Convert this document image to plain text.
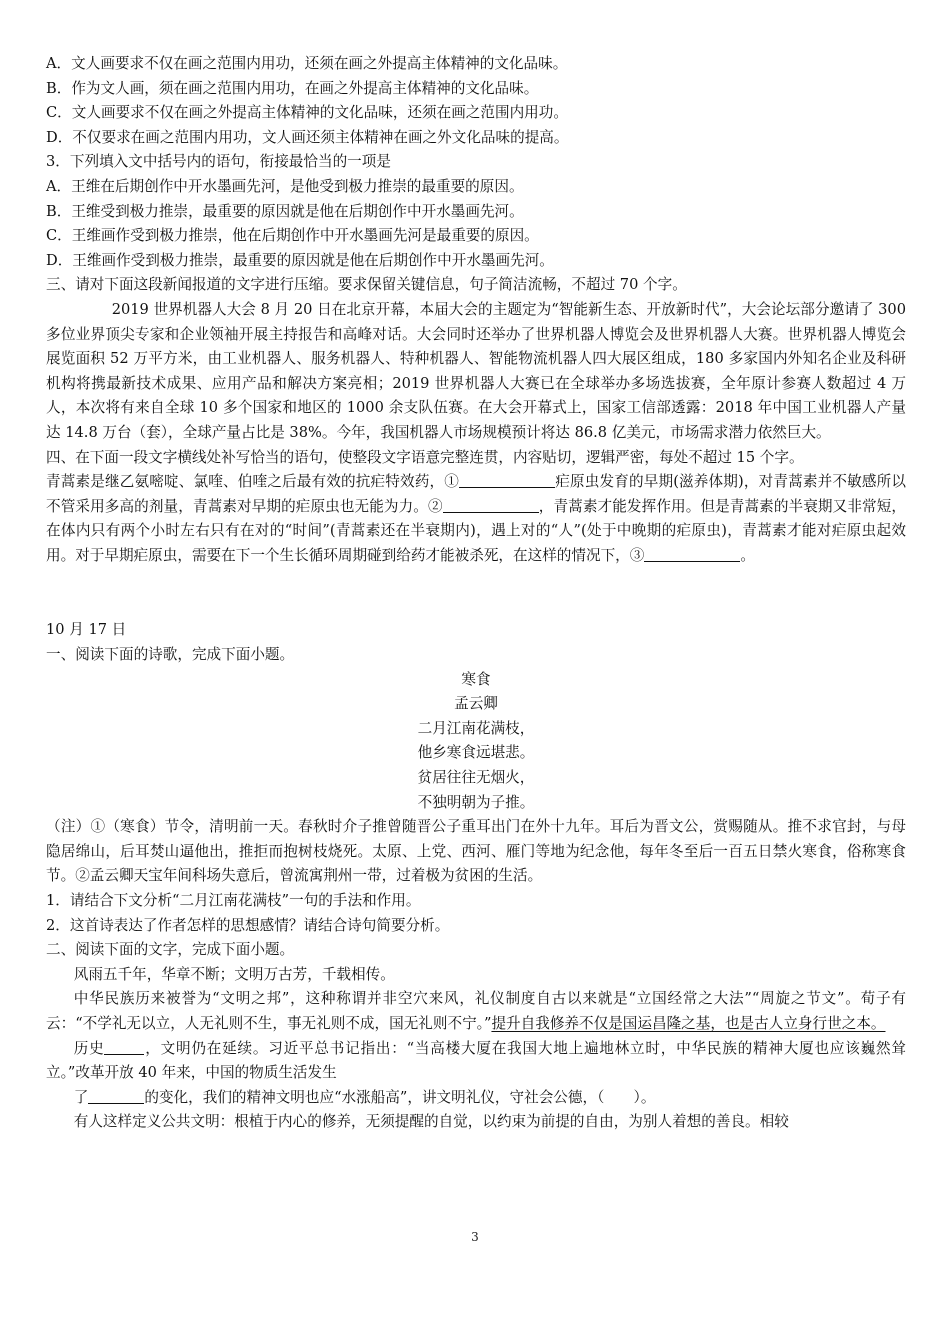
A．文人画要求不仅在画之范围内用功，还须在画之外提高主体精神的文化品味。

B．作为文人画，须在画之范围内用功，在画之外提高主体精神的文化品味。

C．文人画要求不仅在画之外提高主体精神的文化品味，还须在画之范围内用功。

D．不仅要求在画之范围内用功，文人画还须主体精神在画之外文化品味的提高。

3．下列填入文中括号内的语句，衔接最恰当的一项是

A．王维在后期创作中开水墨画先河，是他受到极力推崇的最重要的原因。

B．王维受到极力推崇，最重要的原因就是他在后期创作中开水墨画先河。

C．王维画作受到极力推崇，他在后期创作中开水墨画先河是最重要的原因。

D．王维画作受到极力推崇，最重要的原因就是他在后期创作中开水墨画先河。

三、请对下面这段新闻报道的文字进行压缩。要求保留关键信息，句子简洁流畅，不超过 70 个字。

2019 世界机器人大会 8 月 20 日在北京开幕，本届大会的主题定为“智能新生态、开放新时代”，大会论坛部分邀请了 300 多位业界顶尖专家和企业领袖开展主持报告和高峰对话。大会同时还举办了世界机器人博览会及世界机器人大赛。世界机器人博览会展览面积 52 万平方米，由工业机器人、服务机器人、特种机器人、智能物流机器人四大展区组成，180 多家国内外知名企业及科研机构将携最新技术成果、应用产品和解决方案亮相；2019 世界机器人大赛已在全球举办多场选拔赛，全年原计参赛人数超过 4 万人，本次将有来自全球 10 多个国家和地区的 1000 余支队伍赛。在大会开幕式上，国家工信部透露：2018 年中国工业机器人产量达 14.8 万台（套），全球产量占比是 38%。今年，我国机器人市场规模预计将达 86.8 亿美元，市场需求潜力依然巨大。

四、在下面一段文字横线处补写恰当的语句，使整段文字语意完整连贯，内容贴切，逻辑严密，每处不超过 15 个字。

青蒿素是继乙氨嘧啶、氯喹、伯喹之后最有效的抗疟特效药，①	疟原虫发育的早期(滋养体期)，对青蒿素并不敏感所以不管采用多高的剂量，青蒿素对早期的疟原虫也无能为力。②	，青蒿素才能发挥作用。但是青蒿素的半衰期又非常短，在体内只有两个小时左右只有在对的“时间”(青蒿素还在半衰期内)，遇上对的“人”(处于中晚期的疟原虫)，青蒿素才能对疟原虫起效用。对于早期疟原虫，需要在下一个生长循环周期碰到给药才能被杀死，在这样的情况下，③	。

10 月 17 日

一、阅读下面的诗歌，完成下面小题。

寒食

孟云卿

二月江南花满枝，

他乡寒食远堪悲。

贫居往往无烟火，

不独明朝为子推。

（注）①（寒食）节令，清明前一天。春秋时介子推曾随晋公子重耳出门在外十九年。耳后为晋文公，赏赐随从。推不求官封，与母隐居绵山，后耳焚山逼他出，推拒而抱树枝烧死。太原、上党、西河、雁门等地为纪念他，每年冬至后一百五日禁火寒食，俗称寒食节。②孟云卿天宝年间科场失意后，曾流寓荆州一带，过着极为贫困的生活。

1．请结合下文分析“二月江南花满枝”一句的手法和作用。

2．这首诗表达了作者怎样的思想感情？请结合诗句简要分析。

二、阅读下面的文字，完成下面小题。

风雨五千年，华章不断；文明万古芳，千载相传。

中华民族历来被誉为“文明之邦”，这种称谓并非空穴来风，礼仪制度自古以来就是“立国经常之大法”“周旋之节文”。荀子有云：“不学礼无以立，人无礼则不生，事无礼则不成，国无礼则不宁。”提升自我修养不仅是国运昌隆之基，也是古人立身行世之本。

历史	，文明仍在延续。习近平总书记指出：“当高楼大厦在我国大地上遍地林立时，中华民族的精神大厦也应该巍然耸立。”改革开放 40 年来，中国的物质生活发生

了	的变化，我们的精神文明也应“水涨船高”，讲文明礼仪，守社会公德，（　　）。

有人这样定义公共文明：根植于内心的修养，无须提醒的自觉，以约束为前提的自由，为别人着想的善良。相较

3
